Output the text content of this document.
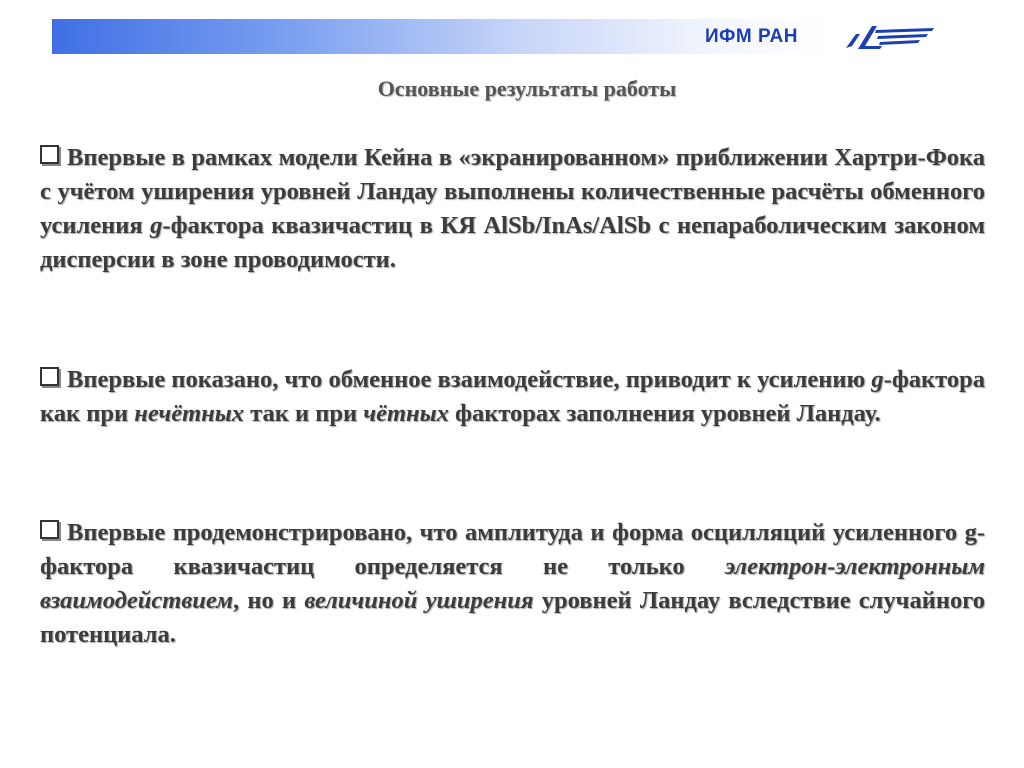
ИФМ РАН
Основные результаты работы
Впервые в рамках модели Кейна в «экранированном» приближении Хартри-Фока с учётом уширения уровней Ландау выполнены количественные расчёты обменного усиления g-фактора квазичастиц в КЯ AlSb/InAs/AlSb с непараболическим законом дисперсии в зоне проводимости.
Впервые показано, что обменное взаимодействие, приводит к усилению g-фактора как при нечётных так и при чётных факторах заполнения уровней Ландау.
Впервые продемонстрировано, что амплитуда и форма осцилляций усиленного g-фактора квазичастиц определяется не только электрон-электронным взаимодействием, но и величиной уширения уровней Ландау вследствие случайного потенциала.
